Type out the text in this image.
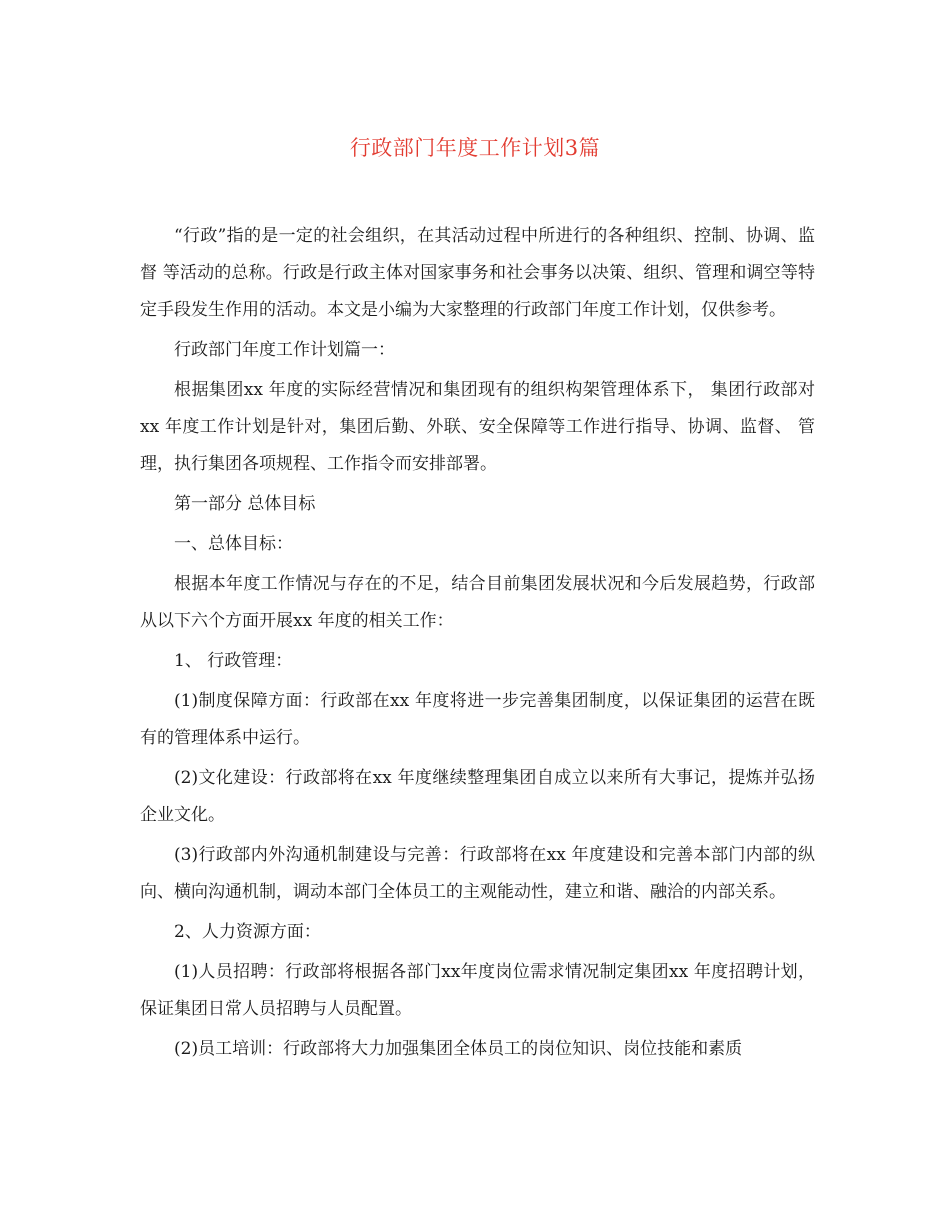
行政部门年度工作计划3篇

“行政”指的是一定的社会组织，在其活动过程中所进行的各种组织、控制、协调、监督 等活动的总称。行政是行政主体对国家事务和社会事务以决策、组织、管理和调空等特定手段发生作用的活动。本文是小编为大家整理的行政部门年度工作计划，仅供参考。

行政部门年度工作计划篇一：

根据集团xx 年度的实际经营情况和集团现有的组织构架管理体系下， 集团行政部对xx 年度工作计划是针对，集团后勤、外联、安全保障等工作进行指导、协调、监督、 管理，执行集团各项规程、工作指令而安排部署。

第一部分 总体目标

一、总体目标：

根据本年度工作情况与存在的不足，结合目前集团发展状况和今后发展趋势，行政部从以下六个方面开展xx 年度的相关工作：

1、 行政管理：

(1)制度保障方面：行政部在xx 年度将进一步完善集团制度，以保证集团的运营在既有的管理体系中运行。

(2)文化建设：行政部将在xx 年度继续整理集团自成立以来所有大事记，提炼并弘扬企业文化。

(3)行政部内外沟通机制建设与完善：行政部将在xx 年度建设和完善本部门内部的纵向、横向沟通机制，调动本部门全体员工的主观能动性，建立和谐、融洽的内部关系。

2、人力资源方面：

(1)人员招聘：行政部将根据各部门xx年度岗位需求情况制定集团xx 年度招聘计划，保证集团日常人员招聘与人员配置。

(2)员工培训：行政部将大力加强集团全体员工的岗位知识、岗位技能和素质
